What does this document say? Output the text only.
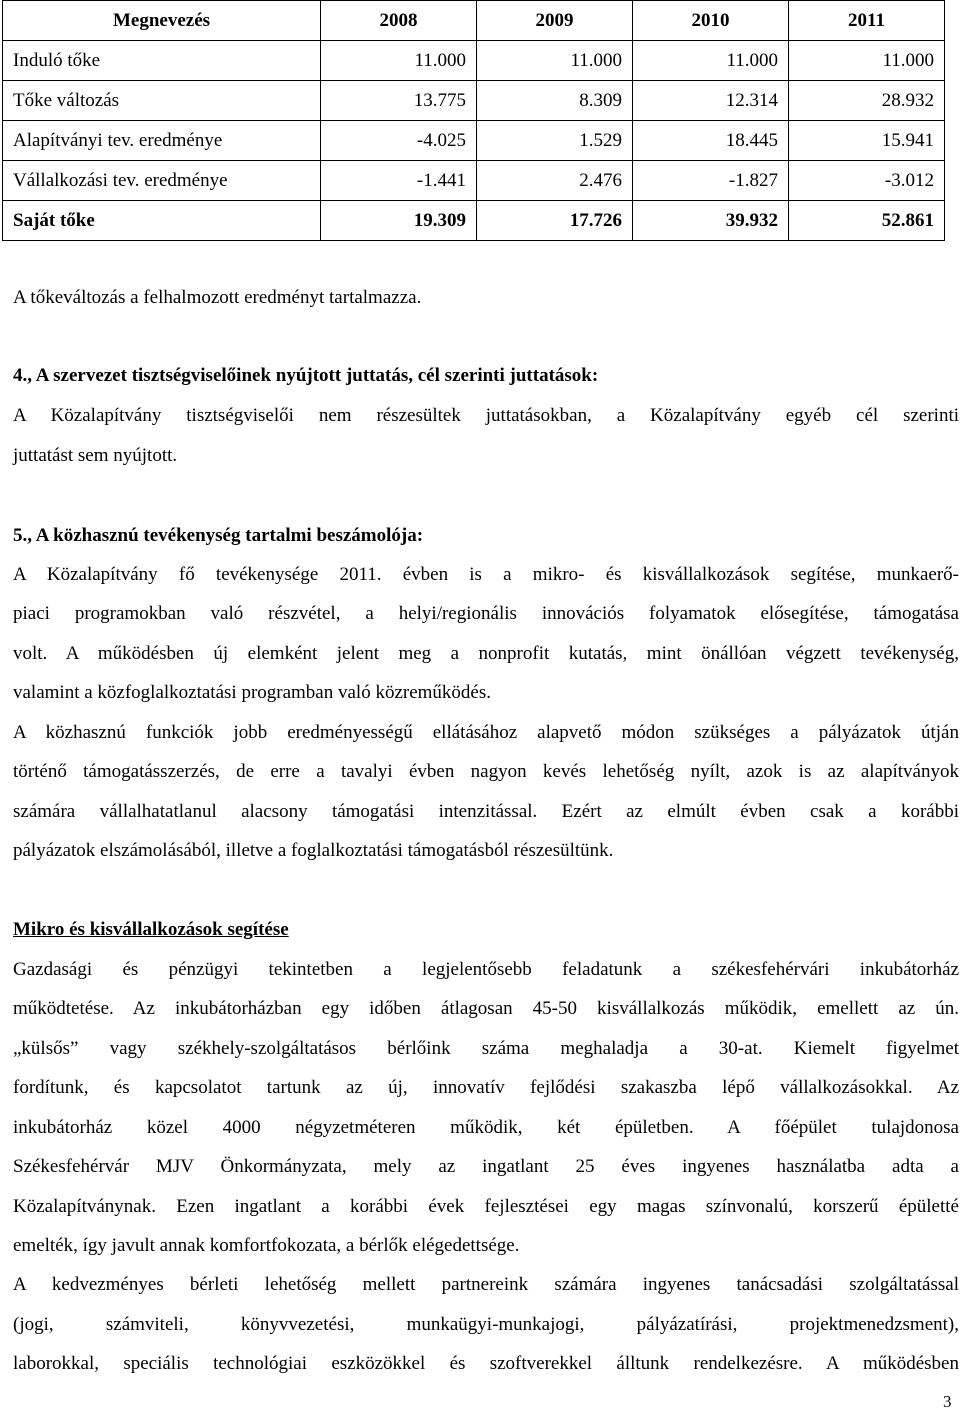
Megnevezés	2008	2009	2010	2011
Induló tőke	11.000	11.000	11.000	11.000
Tőke változás	13.775	8.309	12.314	28.932
Alapítványi tev. eredménye	-4.025	1.529	18.445	15.941
Vállalkozási tev. eredménye	-1.441	2.476	-1.827	-3.012
Saját tőke	19.309	17.726	39.932	52.861
A tőkeváltozás a felhalmozott eredményt tartalmazza.
4., A szervezet tisztségviselőinek nyújtott juttatás, cél szerinti juttatások:
A Közalapítvány tisztségviselői nem részesültek juttatásokban, a Közalapítvány egyéb cél szerinti
juttatást sem nyújtott.
5., A közhasznú tevékenység tartalmi beszámolója:
A Közalapítvány fő tevékenysége 2011. évben is a mikro- és kisvállalkozások segítése, munkaerő-
piaci programokban való részvétel, a helyi/regionális innovációs folyamatok elősegítése, támogatása
volt. A működésben új elemként jelent meg a nonprofit kutatás, mint önállóan végzett tevékenység,
valamint a közfoglalkoztatási programban való közreműködés.
A közhasznú funkciók jobb eredményességű ellátásához alapvető módon szükséges a pályázatok útján
történő támogatásszerzés, de erre a tavalyi évben nagyon kevés lehetőség nyílt, azok is az alapítványok
számára vállalhatatlanul alacsony támogatási intenzitással. Ezért az elmúlt évben csak a korábbi
pályázatok elszámolásából, illetve a foglalkoztatási támogatásból részesültünk.
Mikro és kisvállalkozások segítése
Gazdasági és pénzügyi tekintetben a legjelentősebb feladatunk a székesfehérvári inkubátorház
működtetése. Az inkubátorházban egy időben átlagosan 45-50 kisvállalkozás működik, emellett az ún.
„külsős” vagy székhely-szolgáltatásos bérlőink száma meghaladja a 30-at. Kiemelt figyelmet
fordítunk, és kapcsolatot tartunk az új, innovatív fejlődési szakaszba lépő vállalkozásokkal. Az
inkubátorház közel 4000 négyzetméteren működik, két épületben. A főépület tulajdonosa
Székesfehérvár MJV Önkormányzata, mely az ingatlant 25 éves ingyenes használatba adta a
Közalapítványnak. Ezen ingatlant a korábbi évek fejlesztései egy magas színvonalú, korszerű épületté
emelték, így javult annak komfortfokozata, a bérlők elégedettsége.
A kedvezményes bérleti lehetőség mellett partnereink számára ingyenes tanácsadási szolgáltatással
(jogi, számviteli, könyvvezetési, munkaügyi-munkajogi, pályázatírási, projektmenedzsment),
laborokkal, speciális technológiai eszközökkel és szoftverekkel álltunk rendelkezésre. A működésben
3
